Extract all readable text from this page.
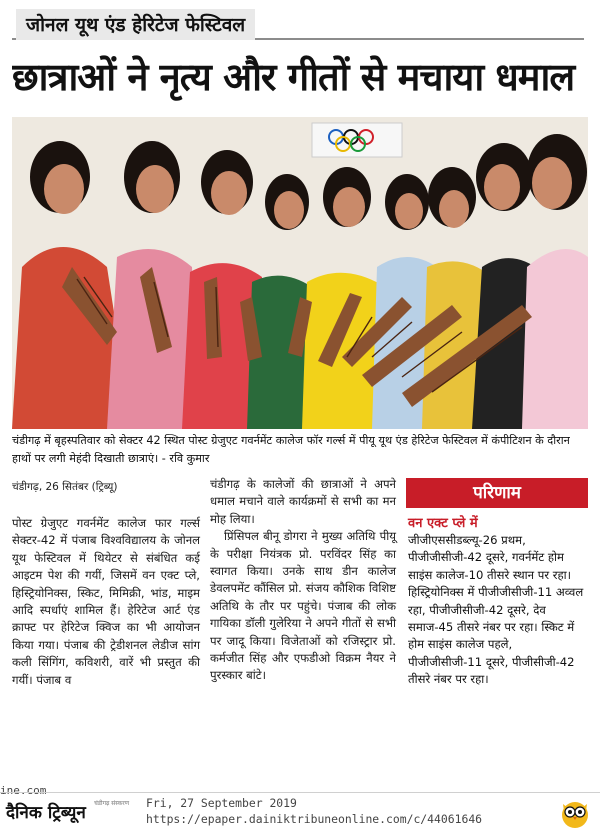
जोनल यूथ एंड हेरिटेज फेस्टिवल
छात्राओं ने नृत्य और गीतों से मचाया धमाल
चंडीगढ़ में बृहस्पतिवार को सेक्टर 42 स्थित पोस्ट ग्रेजुएट गवर्नमेंट कालेज फॉर गर्ल्स में पीयू यूथ एंड हेरिटेज फेस्टिवल में कंपीटिशन के दौरान हाथों पर लगी मेहंदी दिखाती छात्राएं। - रवि कुमार
चंडीगढ़, 26 सितंबर (ट्रिब्यू)

पोस्ट ग्रेजुएट गवर्नमेंट कालेज फार गर्ल्स सेक्टर-42 में पंजाब विश्वविद्यालय के जोनल यूथ फेस्टिवल में थियेटर से संबंधित कई आइटम पेश की गयीं, जिसमें वन एक्ट प्ले, हिस्ट्रियोनिक्स, स्किट, मिमिक्री, भांड, माइम आदि स्पर्धाएं शामिल हैं। हेरिटेज आर्ट एंड क्राफ्ट पर हेरिटेज क्विज का भी आयोजन किया गया। पंजाब की ट्रेडीशनल लेडीज सांग कली सिंगिंग, कविशरी, वारें भी प्रस्तुत की गयीं। पंजाब व

चंडीगढ़ के कालेजों की छात्राओं ने अपने धमाल मचाने वाले कार्यक्रमों से सभी का मन मोह लिया।

प्रिंसिपल बीनू डोगरा ने मुख्य अतिथि पीयू के परीक्षा नियंत्रक प्रो. परविंदर सिंह का स्वागत किया। उनके साथ डीन कालेज डेवलपमेंट कौंसिल प्रो. संजय कौशिक विशिष्ट अतिथि के तौर पर पहुंचे। पंजाब की लोक गायिका डॉली गुलेरिया ने अपने गीतों से सभी पर जादू किया। विजेताओं को रजिस्ट्रार प्रो. कर्मजीत सिंह और एफडीओ विक्रम नैयर ने पुरस्कार बांटे।

परिणाम
वन एक्ट प्ले में
जीजीएससीडब्ल्यू-26 प्रथम, पीजीजीसीजी-42 दूसरे, गवर्नमेंट होम साइंस कालेज-10 तीसरे स्थान पर रहा। हिस्ट्रियोनिक्स में पीजीजीसीजी-11 अव्वल रहा, पीजीजीसीजी-42 दूसरे, देव समाज-45 तीसरे नंबर पर रहा। स्किट में होम साइंस कालेज पहले, पीजीजीसीजी-11 दूसरे, पीजीसीजी-42 तीसरे नंबर पर रहा।
ine.com
दैनिक ट्रिब्यून चंडीगढ़ संस्करण Fri, 27 September 2019
https://epaper.dainiktribuneonline.com/c/44061646
